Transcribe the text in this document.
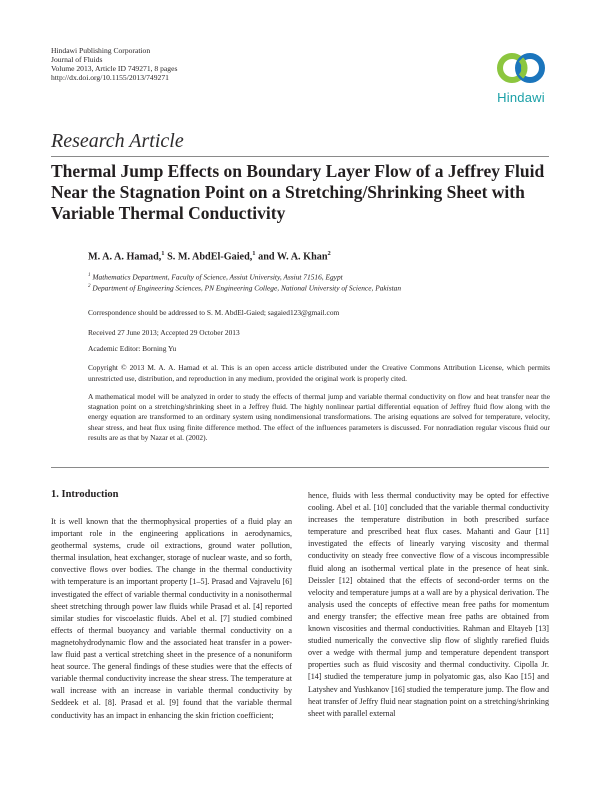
Hindawi Publishing Corporation
Journal of Fluids
Volume 2013, Article ID 749271, 8 pages
http://dx.doi.org/10.1155/2013/749271
Hindawi
Research Article
Thermal Jump Effects on Boundary Layer Flow of a Jeffrey Fluid
Near the Stagnation Point on a Stretching/Shrinking Sheet with
Variable Thermal Conductivity
M. A. A. Hamad,$^1$ S. M. AbdEl-Gaied,$^1$ and W. A. Khan$^2$
$^1$ Mathematics Department, Faculty of Science, Assiut University, Assiut 71516, Egypt
$^2$ Department of Engineering Sciences, PN Engineering College, National University of Science, Pakistan
Correspondence should be addressed to S. M. AbdEl-Gaied; sagaied123@gmail.com
Received 27 June 2013; Accepted 29 October 2013
Academic Editor: Borning Yu
Copyright © 2013 M. A. A. Hamad et al. This is an open access article distributed under the Creative Commons Attribution License, which permits unrestricted use, distribution, and reproduction in any medium, provided the original work is properly cited.
A mathematical model will be analyzed in order to study the effects of thermal jump and variable thermal conductivity on flow and heat transfer near the stagnation point on a stretching/shrinking sheet in a Jeffrey fluid. The highly nonlinear partial differential equation of Jeffrey fluid flow along with the energy equation are transformed to an ordinary system using nondimensional transformations. The arising equations are solved for temperature, velocity, shear stress, and heat flux using finite difference method. The effect of the influences parameters is discussed. For nonradiation regular viscous fluid our results are as that by Nazar et al. (2002).
1. Introduction
It is well known that the thermophysical properties of a fluid play an important role in the engineering applications in aerodynamics, geothermal systems, crude oil extractions, ground water pollution, thermal insulation, heat exchanger, storage of nuclear waste, and so forth, convective flows over bodies. The change in the thermal conductivity with temperature is an important property [1–5]. Prasad and Vajravelu [6] investigated the effect of variable thermal conductivity in a nonisothermal sheet stretching through power law fluids while Prasad et al. [4] reported similar studies for viscoelastic fluids. Abel et al. [7] studied combined effects of thermal buoyancy and variable thermal conductivity on a magnetohydrodynamic flow and the associated heat transfer in a power-law fluid past a vertical stretching sheet in the presence of a nonuniform heat source. The general findings of these studies were that the effects of variable thermal conductivity increase the shear stress. The temperature at wall increase with an increase in variable thermal conductivity by Seddeek et al. [8]. Prasad et al. [9] found that the variable thermal conductivity has an impact in enhancing the skin friction coefficient;
hence, fluids with less thermal conductivity may be opted for effective cooling. Abel et al. [10] concluded that the variable thermal conductivity increases the temperature distribution in both prescribed surface temperature and prescribed heat flux cases. Mahanti and Gaur [11] investigated the effects of linearly varying viscosity and thermal conductivity on steady free convective flow of a viscous incompressible fluid along an isothermal vertical plate in the presence of heat sink. Deissler [12] obtained that the effects of second-order terms on the velocity and temperature jumps at a wall are by a physical derivation. The analysis used the concepts of effective mean free paths for momentum and energy transfer; the effective mean free paths are obtained from known viscosities and thermal conductivities. Rahman and Eltayeb [13] studied numerically the convective slip flow of slightly rarefied fluids over a wedge with thermal jump and temperature dependent transport properties such as fluid viscosity and thermal conductivity. Cipolla Jr. [14] studied the temperature jump in polyatomic gas, also Kao [15] and Latyshev and Yushkanov [16] studied the temperature jump. The flow and heat transfer of Jeffry fluid near stagnation point on a stretching/shrinking sheet with parallel external
